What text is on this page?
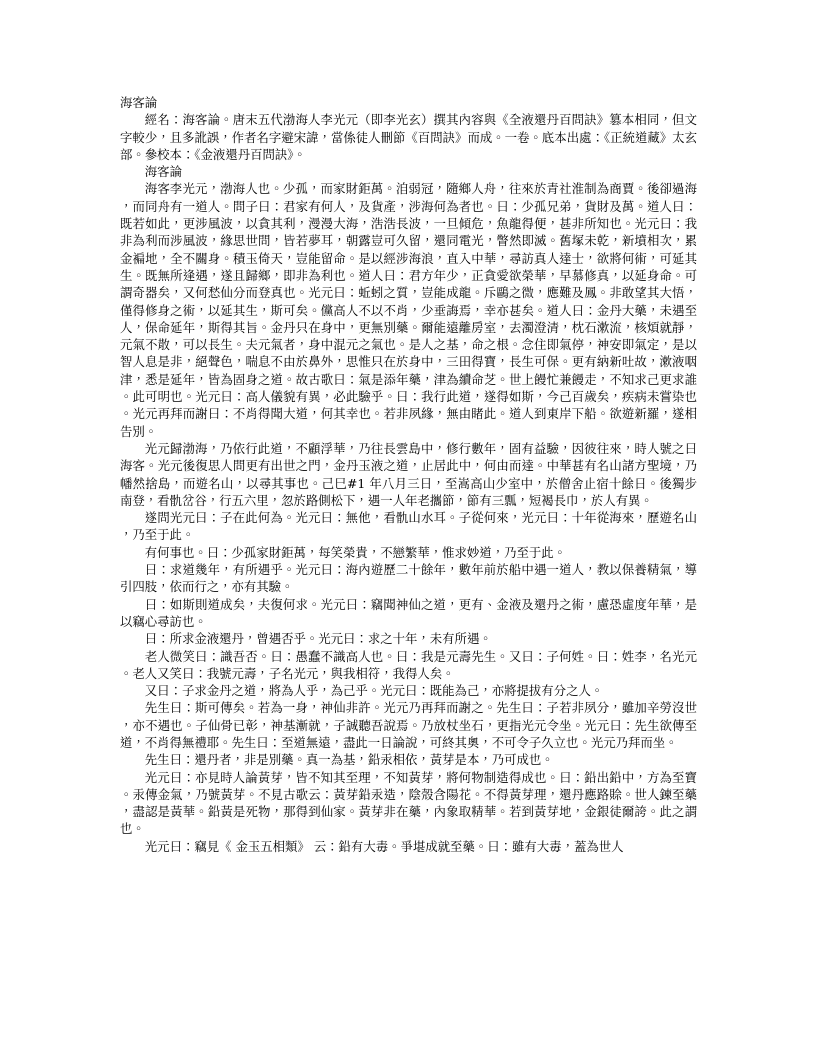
海客論

經名：海客論。唐末五代渤海人李光元（即李光玄）撰其內容與《全液還丹百問訣》篡本相同，但文字較少，且多訛誤，作者名字避宋諱，當係徒人刪節《百問訣》而成。一卷。底本出處：《正統道藏》太玄部。參校本：《金液還丹百問訣》。

海客論

海客李光元，渤海人也。少孤，而家財鉅萬。洎弱冠，隨鄉人舟，往來於青社淮制為商賈。後卻過海，而同舟有一道人。問子曰：君家有何人，及貨產，涉海何為者也。曰：少孤兄弟，貨財及萬。道人曰：既若如此，更涉風波，以貪其利，漫漫大海，浩浩長波，一旦傾危，魚龍得便，甚非所知也。光元曰：我非為利而涉風波，緣思世問，皆若夢耳，朝露豈可久留，還同電光，瞥然即滅。舊塚未乾，新墳相次，累金褊地，全不關身。積玉倚天，豈能留命。是以經涉海浪，直入中華，尋訪真人達士，欲將何術，可延其生。既無所逢遇，遂且歸鄉，即非為利也。道人曰：君方年少，正貪愛欲榮華，早慕修真，以延身命。可謂奇器矣，又何愁仙分而登真也。光元曰：蚯蚓之質，豈能成龍。斥鷗之微，應難及鳳。非敢望其大悟，僅得修身之術，以延其生，斯可矣。儻高人不以不肖，少垂誨焉，幸亦甚矣。道人曰：金丹大藥，未遇至人，保命延年，斯得其旨。金丹只在身中，更無別藥。爾能遠離房室，去濁澄清，枕石漱流，核煩就靜，元氣不散，可以長生。夫元氣者，身中混元之氣也。是人之基，命之根。念住即氣停，神安即氣定，是以智人息是非，絕聲色，喘息不由於鼻外，思惟只在於身中，三田得寶，長生可保。更有納新吐故，漱液咽津，悉是延年，皆為固身之道。故古歌曰：氣是添年藥，津為續命芝。世上饅忙兼饅走，不知求己更求誰。此可明也。光元曰：高人儀貌有異，必此驗乎。曰：我行此道，遂得如斯，今己百歲矣，疾病未嘗染也。光元再拜而謝曰：不肖得聞大道，何其幸也。若非夙緣，無由睹此。道人到東岸下船。欲遊新羅，遂相告別。

光元歸渤海，乃依行此道，不顧浮華，乃往長雲島中，修行數年，固有益驗，因彼往來，時人號之曰海客。光元後復思人問更有出世之門，金丹玉液之道，止居此中，何由而達。中華甚有名山諸方聖境，乃幡然捨島，而遊名山，以尋其事也。己巳#1 年八月三日，至嵩高山少室中，於僧舍止宿十餘日。後獨步南登，看骩岔谷，行五六里，忽於路側松下，遇一人年老攜節，節有三瓢，短褐長巾，於人有異。

遂問光元曰：子在此何為。光元曰：無他，看骩山水耳。子從何來，光元曰：十年從海來，歷遊名山，乃至于此。

有何事也。曰：少孤家財鉅萬，每笑榮貴，不戀繁華，惟求妙道，乃至于此。

曰：求道幾年，有所遇乎。光元曰：海內遊歷二十餘年，數年前於船中遇一道人，教以保養精氣，導引四肢，依而行之，亦有其驗。

曰：如斯則道成矣，夫復何求。光元曰：竊聞神仙之道，更有、金液及還丹之術，慮恐虛度年華，是以竊心尋訪也。

曰：所求金液還丹，曾遇否乎。光元曰：求之十年，未有所遇。

老人微笑曰：識吾否。曰：愚蠢不識高人也。曰：我是元壽先生。又曰：子何姓。曰：姓李，名光元。老人又笑曰：我號元壽，子名光元，與我相符，我得人矣。

又曰：子求金丹之道，將為人乎，為己乎。光元曰：既能為己，亦將提拔有分之人。

先生曰：斯可傳矣。若為一身，神仙非許。光元乃再拜而謝之。先生曰：子若非夙分，雖加辛勞沒世，亦不遇也。子仙骨已彰，神基漸就，子誠聽吾說焉。乃放杖坐石，更指光元令坐。光元曰：先生欲傳至道，不肖得無禮耶。先生曰：至道無遠，盡此一日論說，可終其奧，不可令子久立也。光元乃拜而坐。

先生曰：還丹者，非是別藥。真一為基，鉛汞相依，黃芽是本，乃可成也。

光元曰：亦見時人論黃芽，皆不知其至理，不知黃芽，將何物制造得成也。曰：鉛出鉛中，方為至寶。汞傳金氣，乃號黃芽。不見古歌云：黃芽鉛汞造，陰殼含陽花。不得黃芽理，還丹應路賒。世人鍊至藥，盡認是黃華。鉛黃是死物，那得到仙家。黃芽非在藥，內象取精華。若到黃芽地，金銀徒爾誇。此之謂也。

光元曰：竊見《 金玉五相類》 云：鉛有大毒。爭堪成就至藥。曰：雖有大毒，蓋為世人
